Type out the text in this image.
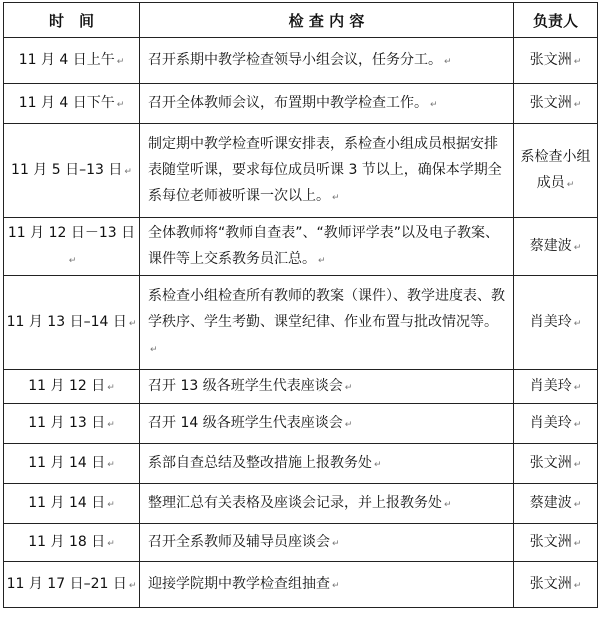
时　间	检 查 内 容	负责人
11 月 4 日上午 ↵	召开系期中教学检查领导小组会议，任务分工。 ↵	张文洲 ↵
11 月 4 日下午 ↵	召开全体教师会议，布置期中教学检查工作。 ↵	张文洲 ↵
11 月 5 日–13 日 ↵	制定期中教学检查听课安排表，系检查小组成员根据安排表随堂听课，要求每位成员听课 3 节以上，确保本学期全系每位老师被听课一次以上。 ↵	系检查小组成员 ↵
11 月 12 日－13 日↵	全体教师将“教师自查表”、“教师评学表”以及电子教案、课件等上交系教务员汇总。 ↵	蔡建波 ↵
11 月 13 日–14 日 ↵	系检查小组检查所有教师的教案（课件）、教学进度表、教学秩序、学生考勤、课堂纪律、作业布置与批改情况等。↵	肖美玲 ↵
11 月 12 日 ↵	召开 13 级各班学生代表座谈会 ↵	肖美玲 ↵
11 月 13 日 ↵	召开 14 级各班学生代表座谈会 ↵	肖美玲 ↵
11 月 14 日 ↵	系部自查总结及整改措施上报教务处 ↵	张文洲 ↵
11 月 14 日 ↵	整理汇总有关表格及座谈会记录，并上报教务处 ↵	蔡建波 ↵
11 月 18 日 ↵	召开全系教师及辅导员座谈会 ↵	张文洲 ↵
11 月 17 日–21 日 ↵	迎接学院期中教学检查组抽查 ↵	张文洲 ↵
